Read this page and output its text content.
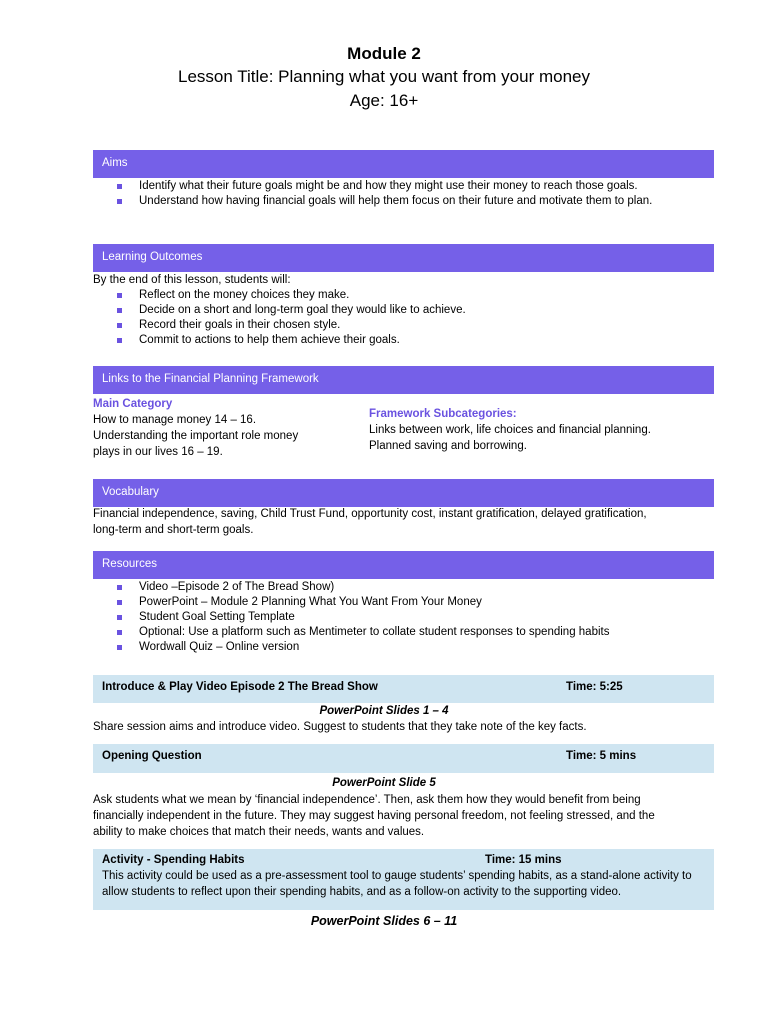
Module 2
Lesson Title: Planning what you want from your money
Age: 16+
Aims
Identify what their future goals might be and how they might use their money to reach those goals.
Understand how having financial goals will help them focus on their future and motivate them to plan.
Learning Outcomes
By the end of this lesson, students will:
Reflect on the money choices they make.
Decide on a short and long-term goal they would like to achieve.
Record their goals in their chosen style.
Commit to actions to help them achieve their goals.
Links to the Financial Planning Framework
Main Category
How to manage money 14 – 16.
Understanding the important role money
plays in our lives 16 – 19.
Framework Subcategories:
Links between work, life choices and financial planning.
Planned saving and borrowing.
Vocabulary
Financial independence, saving, Child Trust Fund, opportunity cost, instant gratification, delayed gratification, long-term and short-term goals.
Resources
Video –Episode 2 of The Bread Show)
PowerPoint – Module 2 Planning What You Want From Your Money
Student Goal Setting Template
Optional: Use a platform such as Mentimeter to collate student responses to spending habits
Wordwall Quiz – Online version
Introduce & Play Video Episode 2 The Bread Show	Time: 5:25
PowerPoint Slides 1 – 4
Share session aims and introduce video. Suggest to students that they take note of the key facts.
Opening Question	Time: 5 mins
PowerPoint Slide 5
Ask students what we mean by ‘financial independence’. Then, ask them how they would benefit from being financially independent in the future. They may suggest having personal freedom, not feeling stressed, and the ability to make choices that match their needs, wants and values.
Activity - Spending Habits	Time: 15 mins
This activity could be used as a pre-assessment tool to gauge students’ spending habits, as a stand-alone activity to allow students to reflect upon their spending habits, and as a follow-on activity to the supporting video.
PowerPoint Slides 6 – 11
